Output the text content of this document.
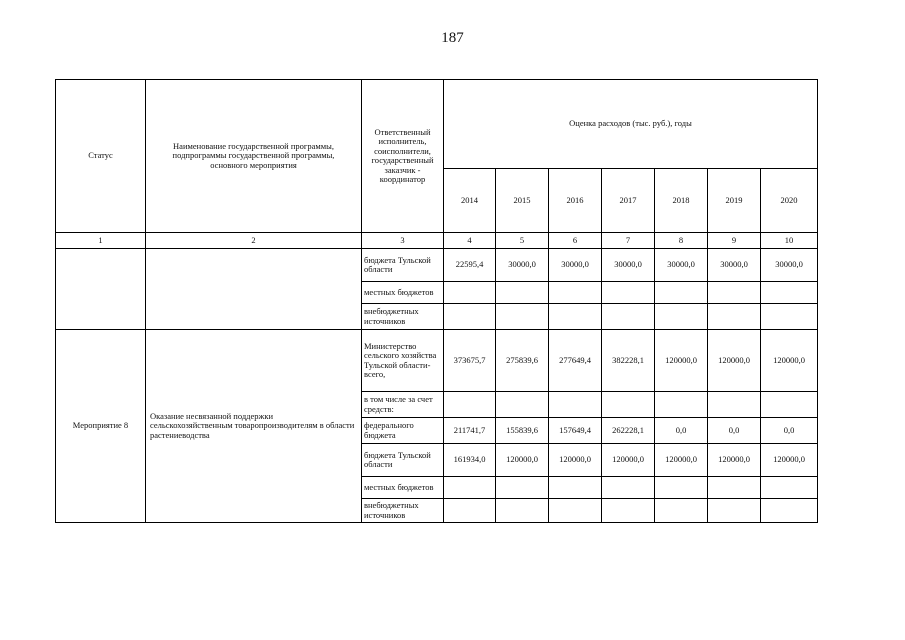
187
Статус	Наименование государственной программы, подпрограммы государственной программы, основного мероприятия	Ответственный исполнитель, соисполнители, государственный заказчик - координатор	Оценка расходов (тыс. руб.), годы						
			2014	2015	2016	2017	2018	2019	2020
1	2	3	4	5	6	7	8	9	10
		бюджета Тульской области	22595,4	30000,0	30000,0	30000,0	30000,0	30000,0	30000,0
		местных бюджетов							
		внебюджетных источников							
Мероприятие 8	Оказание несвязанной поддержки сельскохозяйственным товаропроизводителям в области растениеводства	Министерство сельского хозяйства Тульской области- всего,	373675,7	275839,6	277649,4	382228,1	120000,0	120000,0	120000,0
		в том числе за счет средств:							
		федерального бюджета	211741,7	155839,6	157649,4	262228,1	0,0	0,0	0,0
		бюджета Тульской области	161934,0	120000,0	120000,0	120000,0	120000,0	120000,0	120000,0
		местных бюджетов							
		внебюджетных источников							
